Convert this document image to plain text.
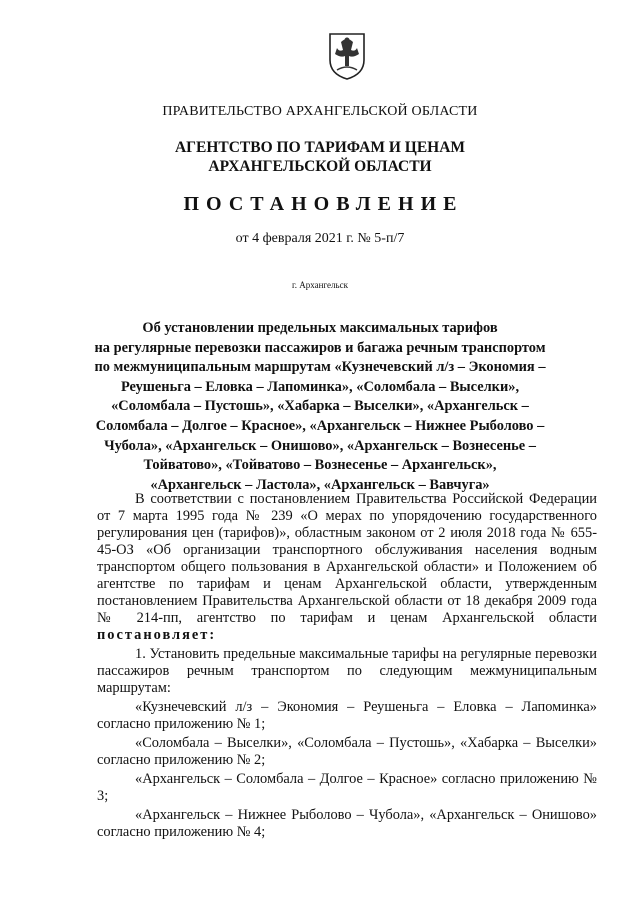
ПРАВИТЕЛЬСТВО АРХАНГЕЛЬСКОЙ ОБЛАСТИ
АГЕНТСТВО ПО ТАРИФАМ И ЦЕНАМ
АРХАНГЕЛЬСКОЙ ОБЛАСТИ
ПОСТАНОВЛЕНИЕ
от 4 февраля 2021 г. № 5-п/7
г. Архангельск
Об установлении предельных максимальных тарифов
на регулярные перевозки пассажиров и багажа речным транспортом
по межмуниципальным маршрутам «Кузнечевский л/з – Экономия –
Реушеньга – Еловка – Лапоминка», «Соломбала – Выселки»,
«Соломбала – Пустошь», «Хабарка – Выселки», «Архангельск –
Соломбала – Долгое – Красное», «Архангельск – Нижнее Рыболово –
Чубола», «Архангельск – Онишово», «Архангельск – Вознесенье –
Тойватово», «Тойватово – Вознесенье – Архангельск»,
«Архангельск – Ластола», «Архангельск – Вавчуга»

В соответствии с постановлением Правительства Российской Федерации от 7 марта 1995 года № 239 «О мерах по упорядочению государственного регулирования цен (тарифов)», областным законом от 2 июля 2018 года № 655-45-ОЗ «Об организации транспортного обслуживания населения водным транспортом общего пользования в Архангельской области» и Положением об агентстве по тарифам и ценам Архангельской области, утвержденным постановлением Правительства Архангельской области от 18 декабря 2009 года № 214-пп, агентство по тарифам и ценам Архангельской области постановляет:

1. Установить предельные максимальные тарифы на регулярные перевозки пассажиров речным транспортом по следующим межмуниципальным маршрутам:

«Кузнечевский л/з – Экономия – Реушеньга – Еловка – Лапоминка» согласно приложению № 1;

«Соломбала – Выселки», «Соломбала – Пустошь», «Хабарка – Выселки» согласно приложению № 2;

«Архангельск – Соломбала – Долгое – Красное» согласно приложению № 3;

«Архангельск – Нижнее Рыболово – Чубола», «Архангельск – Онишово» согласно приложению № 4;
